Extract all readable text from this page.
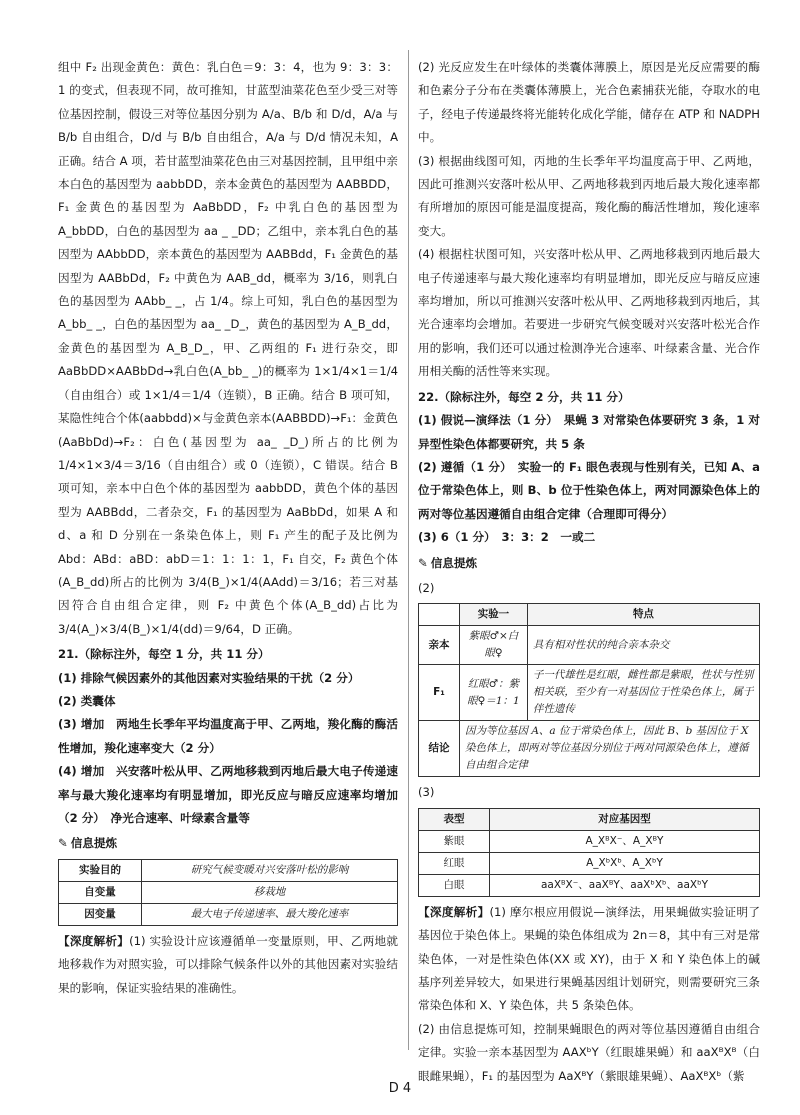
组中 F₂ 出现金黄色：黄色：乳白色＝9：3：4，也为 9：3：3：1 的变式，但表现不同，故可推知，甘蓝型油菜花色至少受三对等位基因控制，假设三对等位基因分别为 A/a、B/b 和 D/d，A/a 与 B/b 自由组合，D/d 与 B/b 自由组合，A/a 与 D/d 情况未知，A 正确。结合 A 项，若甘蓝型油菜花色由三对基因控制，且甲组中亲本白色的基因型为 aabbDD，亲本金黄色的基因型为 AABBDD，F₁ 金黄色的基因型为 AaBbDD，F₂ 中乳白色的基因型为 A_bbDD，白色的基因型为 aa _ _DD；乙组中，亲本乳白色的基因型为 AAbbDD，亲本黄色的基因型为 AABBdd，F₁ 金黄色的基因型为 AABbDd，F₂ 中黄色为 AAB_dd，概率为 3/16，则乳白色的基因型为 AAbb_ _，占 1/4。综上可知，乳白色的基因型为 A_bb_ _，白色的基因型为 aa_ _D_，黄色的基因型为 A_B_dd，金黄色的基因型为 A_B_D_，甲、乙两组的 F₁ 进行杂交，即 AaBbDD×AABbDd→乳白色(A_bb_ _)的概率为 1×1/4×1＝1/4（自由组合）或 1×1/4＝1/4（连锁），B 正确。结合 B 项可知，某隐性纯合个体(aabbdd)×与金黄色亲本(AABBDD)→F₁：金黄色(AaBbDd)→F₂：白色(基因型为 aa_ _D_)所占的比例为 1/4×1×3/4＝3/16（自由组合）或 0（连锁），C 错误。结合 B 项可知，亲本中白色个体的基因型为 aabbDD，黄色个体的基因型为 AABBdd，二者杂交，F₁ 的基因型为 AaBbDd，如果 A 和 d、a 和 D 分别在一条染色体上，则 F₁ 产生的配子及比例为 Abd：ABd：aBD：abD＝1：1：1：1，F₁ 自交，F₂ 黄色个体(A_B_dd)所占的比例为 3/4(B_)×1/4(AAdd)＝3/16；若三对基因符合自由组合定律，则 F₂ 中黄色个体(A_B_dd)占比为 3/4(A_)×3/4(B_)×1/4(dd)＝9/64，D 正确。

21.（除标注外，每空 1 分，共 11 分）

(1) 排除气候因素外的其他因素对实验结果的干扰（2 分）

(2) 类囊体

(3) 增加　两地生长季年平均温度高于甲、乙两地，羧化酶的酶活性增加，羧化速率变大（2 分）

(4) 增加　兴安落叶松从甲、乙两地移栽到丙地后最大电子传递速率与最大羧化速率均有明显增加，即光反应与暗反应速率均增加（2 分）　净光合速率、叶绿素含量等

✎ 信息提炼
实验目的	研究气候变暖对兴安落叶松的影响
自变量	移栽地
因变量	最大电子传递速率、最大羧化速率

【深度解析】(1) 实验设计应该遵循单一变量原则，甲、乙两地就地移栽作为对照实验，可以排除气候条件以外的其他因素对实验结果的影响，保证实验结果的准确性。

(2) 光反应发生在叶绿体的类囊体薄膜上，原因是光反应需要的酶和色素分子分布在类囊体薄膜上，光合色素捕获光能，夺取水的电子，经电子传递最终将光能转化成化学能，储存在 ATP 和 NADPH 中。

(3) 根据曲线图可知，丙地的生长季年平均温度高于甲、乙两地，因此可推测兴安落叶松从甲、乙两地移栽到丙地后最大羧化速率都有所增加的原因可能是温度提高，羧化酶的酶活性增加，羧化速率变大。

(4) 根据柱状图可知，兴安落叶松从甲、乙两地移栽到丙地后最大电子传递速率与最大羧化速率均有明显增加，即光反应与暗反应速率均增加，所以可推测兴安落叶松从甲、乙两地移栽到丙地后，其光合速率均会增加。若要进一步研究气候变暖对兴安落叶松光合作用的影响，我们还可以通过检测净光合速率、叶绿素含量、光合作用相关酶的活性等来实现。

22.（除标注外，每空 2 分，共 11 分）

(1) 假说—演绎法（1 分）　果蝇 3 对常染色体要研究 3 条，1 对异型性染色体都要研究，共 5 条

(2) 遵循（1 分）　实验一的 F₁ 眼色表现与性别有关，已知 A、a 位于常染色体上，则 B、b 位于性染色体上，两对同源染色体上的两对等位基因遵循自由组合定律（合理即可得分）

(3) 6（1 分）　3：3：2　一或二

✎ 信息提炼

(2)

	实验一	特点
亲本	紫眼♂×白眼♀	具有相对性状的纯合亲本杂交
F₁	红眼♂：紫眼♀＝1：1	子一代雄性是红眼，雌性都是紫眼，性状与性别相关联，至少有一对基因位于性染色体上，属于伴性遗传
结论	因为等位基因 A、a 位于常染色体上，因此 B、b 基因位于 X 染色体上，即两对等位基因分别位于两对同源染色体上，遵循自由组合定律	

(3)

表型	对应基因型
紫眼	A_XᴮX⁻、A_XᴮY
红眼	A_XᵇXᵇ、A_XᵇY
白眼	aaXᴮX⁻、aaXᴮY、aaXᵇXᵇ、aaXᵇY

【深度解析】(1) 摩尔根应用假说—演绎法，用果蝇做实验证明了基因位于染色体上。果蝇的染色体组成为 2n＝8，其中有三对是常染色体，一对是性染色体(XX 或 XY)，由于 X 和 Y 染色体上的碱基序列差异较大，如果进行果蝇基因组计划研究，则需要研究三条常染色体和 X、Y 染色体，共 5 条染色体。

(2) 由信息提炼可知，控制果蝇眼色的两对等位基因遵循自由组合定律。实验一亲本基因型为 AAXᵇY（红眼雄果蝇）和 aaXᴮXᴮ（白眼雌果蝇），F₁ 的基因型为 AaXᴮY（紫眼雄果蝇）、AaXᴮXᵇ（紫

D 4
